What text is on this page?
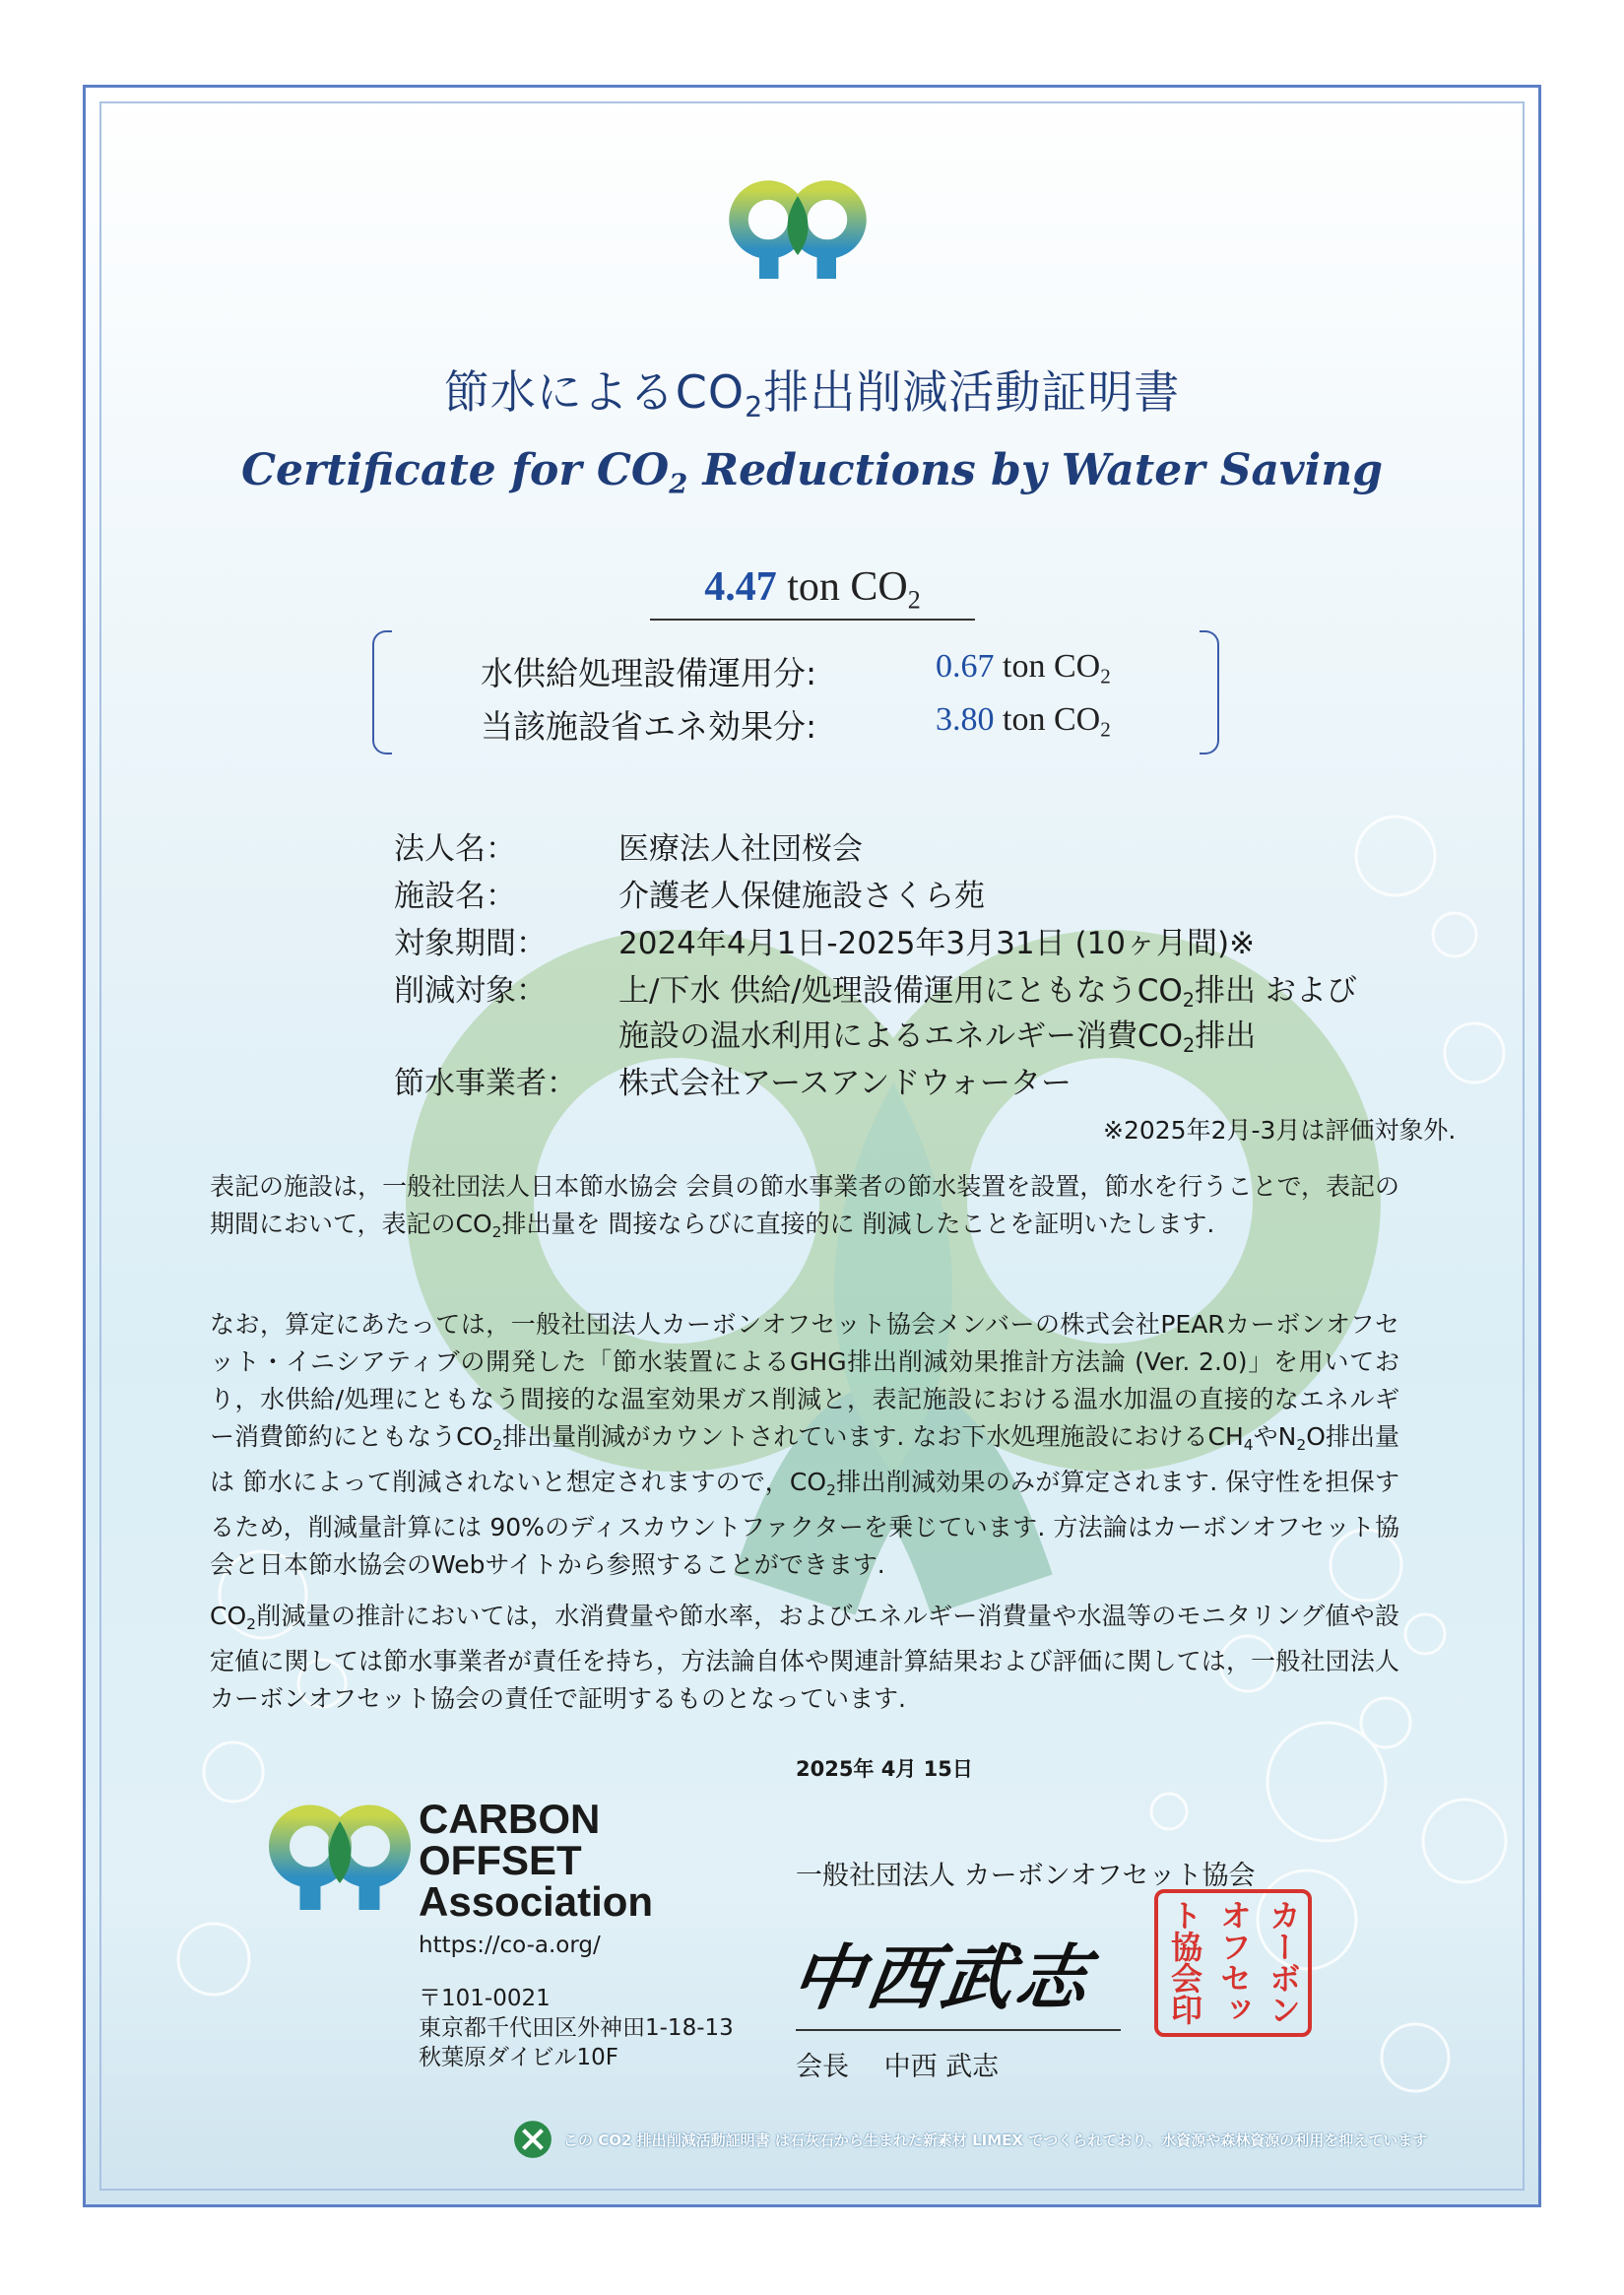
節水による$CO_2$排出削減活動証明書
Certificate for $CO_2$ Reductions by Water Saving
4.47 ton $CO_2$
水供給処理設備運用分:	0.67 ton $CO_2$
当該施設省エネ効果分:	3.80 ton $CO_2$
法人名：	医療法人社団桜会
施設名：	介護老人保健施設さくら苑
対象期間： 2024年4月1日-2025年3月31日 (10ヶ月間)※
削減対象： 上/下水 供給/処理設備運用にともなう$CO_2$排出 および
施設の温水利用によるエネルギー消費$CO_2$排出
節水事業者： 株式会社アースアンドウォーター
※2025年2月-3月は評価対象外.
表記の施設は，一般社団法人日本節水協会 会員の節水事業者の節水装置を設置，節水を行うことで，表記の期間において，表記の$CO_2$排出量を 間接ならびに直接的に 削減したことを証明いたします.
なお，算定にあたっては，一般社団法人カーボンオフセット協会メンバーの株式会社PEARカーボンオフセット・イニシアティブの開発した「節水装置によるGHG排出削減効果推計方法論 (Ver. 2.0)」を用いており，水供給/処理にともなう間接的な温室効果ガス削減と，表記施設における温水加温の直接的なエネルギー消費節約にともなう$CO_2$排出量削減がカウントされています. なお下水処理施設における$CH_4$や$N_2O$排出量は 節水によって削減されないと想定されますので，$CO_2$排出削減効果のみが算定されます. 保守性を担保するため，削減量計算には 90%のディスカウントファクターを乗じています. 方法論はカーボンオフセット協会と日本節水協会のWebサイトから参照することができます.
$CO_2$削減量の推計においては，水消費量や節水率，およびエネルギー消費量や水温等のモニタリング値や設定値に関しては節水事業者が責任を持ち，方法論自体や関連計算結果および評価に関しては，一般社団法人カーボンオフセット協会の責任で証明するものとなっています.
2025年 4月 15日
CARBON
OFFSET
Association
https://co-a.org/
〒101-0021
東京都千代田区外神田1-18-13
秋葉原ダイビル10F
一般社団法人 カーボンオフセット協会
中西武志
会長　 中西 武志
カーボン
オフセッ
ト協会印
この CO2 排出削減活動証明書 は石灰石から生まれた新素材 LIMEX でつくられており、水資源や森林資源の利用を抑えています
